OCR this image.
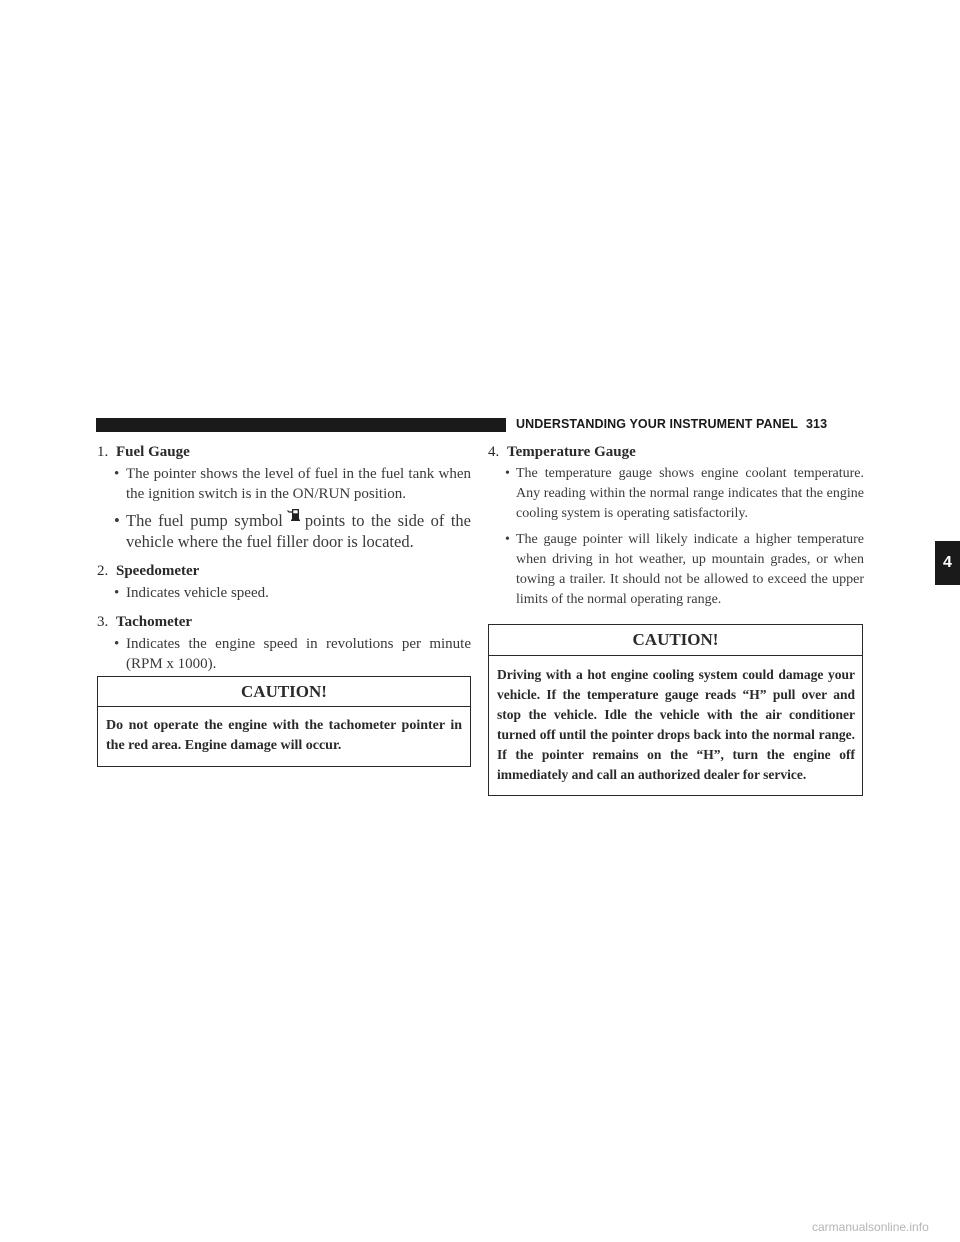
UNDERSTANDING YOUR INSTRUMENT PANEL 313
4
1. Fuel Gauge
• The pointer shows the level of fuel in the fuel tank when the ignition switch is in the ON/RUN position.
• The fuel pump symbol points to the side of the vehicle where the fuel filler door is located.
2. Speedometer
• Indicates vehicle speed.
3. Tachometer
• Indicates the engine speed in revolutions per minute (RPM x 1000).
CAUTION!
Do not operate the engine with the tachometer pointer in the red area. Engine damage will occur.
4. Temperature Gauge
• The temperature gauge shows engine coolant temperature. Any reading within the normal range indicates that the engine cooling system is operating satisfactorily.
• The gauge pointer will likely indicate a higher temperature when driving in hot weather, up mountain grades, or when towing a trailer. It should not be allowed to exceed the upper limits of the normal operating range.
CAUTION!
Driving with a hot engine cooling system could damage your vehicle. If the temperature gauge reads “H” pull over and stop the vehicle. Idle the vehicle with the air conditioner turned off until the pointer drops back into the normal range. If the pointer remains on the “H”, turn the engine off immediately and call an authorized dealer for service.
carmanualsonline.info
